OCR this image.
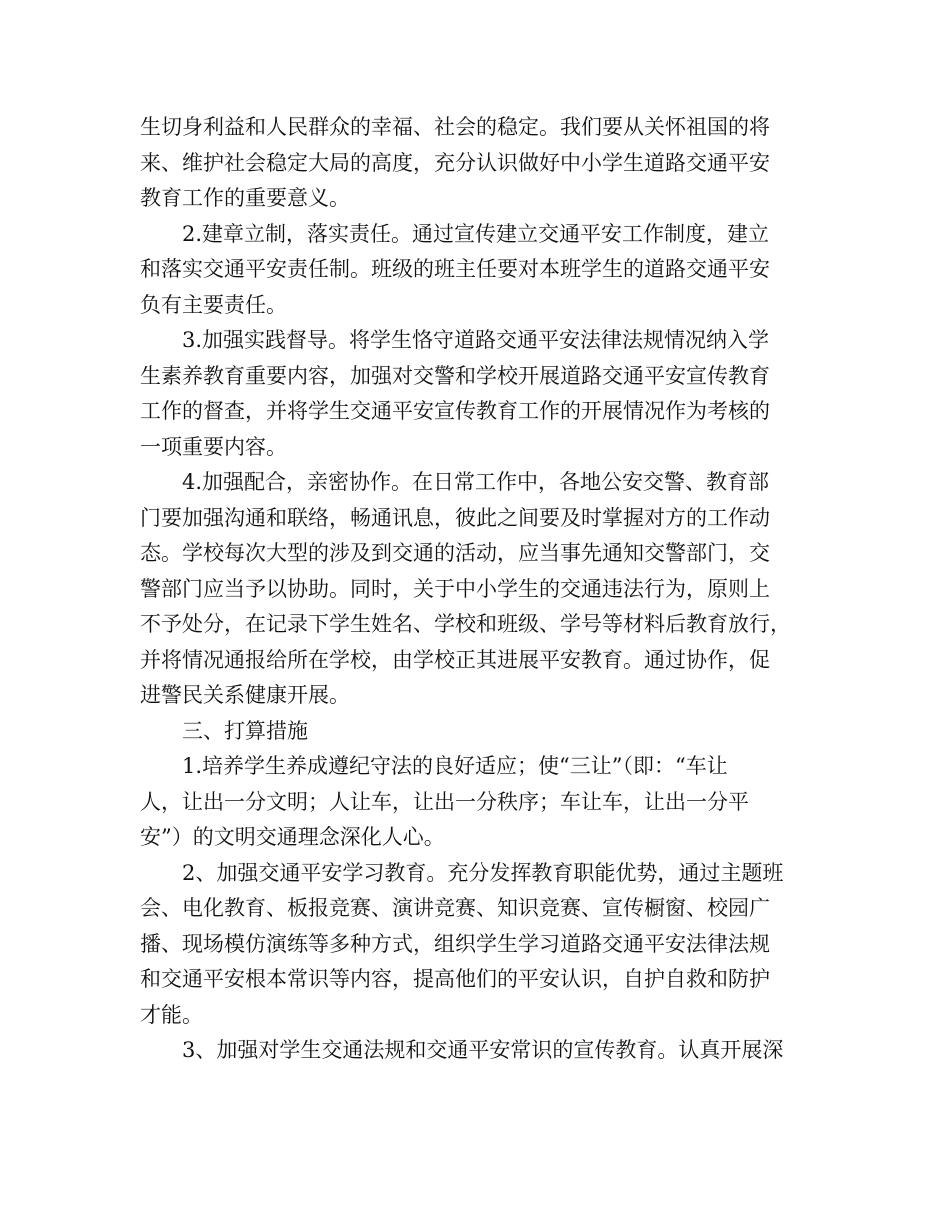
生切身利益和人民群众的幸福、社会的稳定。我们要从关怀祖国的将
来、维护社会稳定大局的高度，充分认识做好中小学生道路交通平安
教育工作的重要意义。
2.建章立制，落实责任。通过宣传建立交通平安工作制度，建立
和落实交通平安责任制。班级的班主任要对本班学生的道路交通平安
负有主要责任。
3.加强实践督导。将学生恪守道路交通平安法律法规情况纳入学
生素养教育重要内容，加强对交警和学校开展道路交通平安宣传教育
工作的督查，并将学生交通平安宣传教育工作的开展情况作为考核的
一项重要内容。
4.加强配合，亲密协作。在日常工作中，各地公安交警、教育部
门要加强沟通和联络，畅通讯息，彼此之间要及时掌握对方的工作动
态。学校每次大型的涉及到交通的活动，应当事先通知交警部门，交
警部门应当予以协助。同时，关于中小学生的交通违法行为，原则上
不予处分，在记录下学生姓名、学校和班级、学号等材料后教育放行，
并将情况通报给所在学校，由学校正其进展平安教育。通过协作，促
进警民关系健康开展。
三、打算措施
1.培养学生养成遵纪守法的良好适应；使“三让”（即：“车让
人，让出一分文明；人让车，让出一分秩序；车让车，让出一分平
安”）的文明交通理念深化人心。
2、加强交通平安学习教育。充分发挥教育职能优势，通过主题班
会、电化教育、板报竞赛、演讲竞赛、知识竞赛、宣传橱窗、校园广
播、现场模仿演练等多种方式，组织学生学习道路交通平安法律法规
和交通平安根本常识等内容，提高他们的平安认识，自护自救和防护
才能。
3、加强对学生交通法规和交通平安常识的宣传教育。认真开展深
